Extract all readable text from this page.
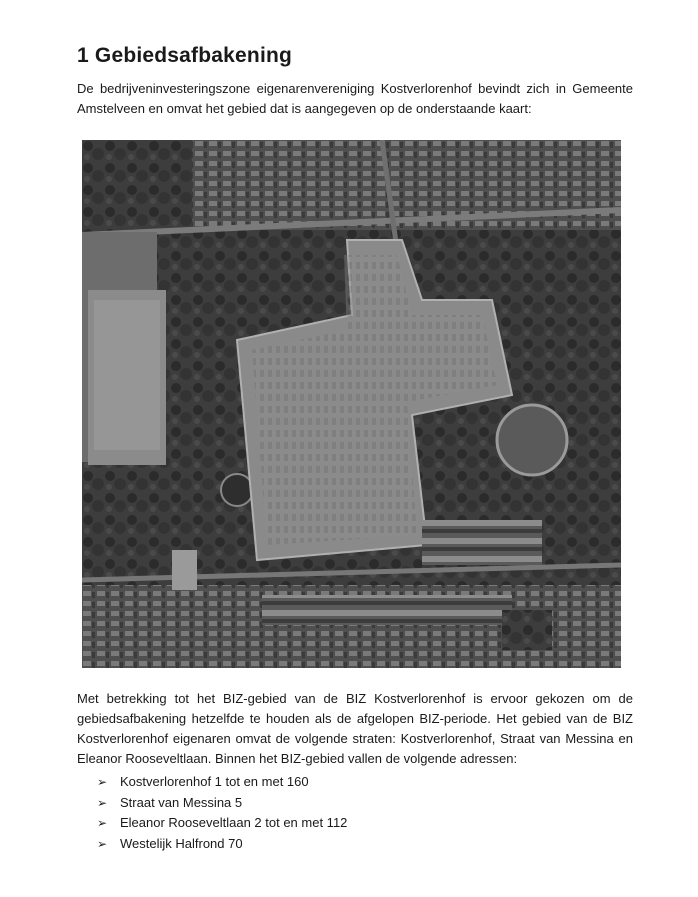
1 Gebiedsafbakening

De bedrijveninvesteringszone eigenarenvereniging Kostverlorenhof bevindt zich in Gemeente Amstelveen en omvat het gebied dat is aangegeven op de onderstaande kaart:

Met betrekking tot het BIZ-gebied van de BIZ Kostverlorenhof is ervoor gekozen om de gebiedsafbakening hetzelfde te houden als de afgelopen BIZ-periode. Het gebied van de BIZ Kostverlorenhof eigenaren omvat de volgende straten: Kostverlorenhof, Straat van Messina en Eleanor Rooseveltlaan. Binnen het BIZ-gebied vallen de volgende adressen:

➢ Kostverlorenhof 1 tot en met 160
➢ Straat van Messina 5
➢ Eleanor Rooseveltlaan 2 tot en met 112
➢ Westelijk Halfrond 70
